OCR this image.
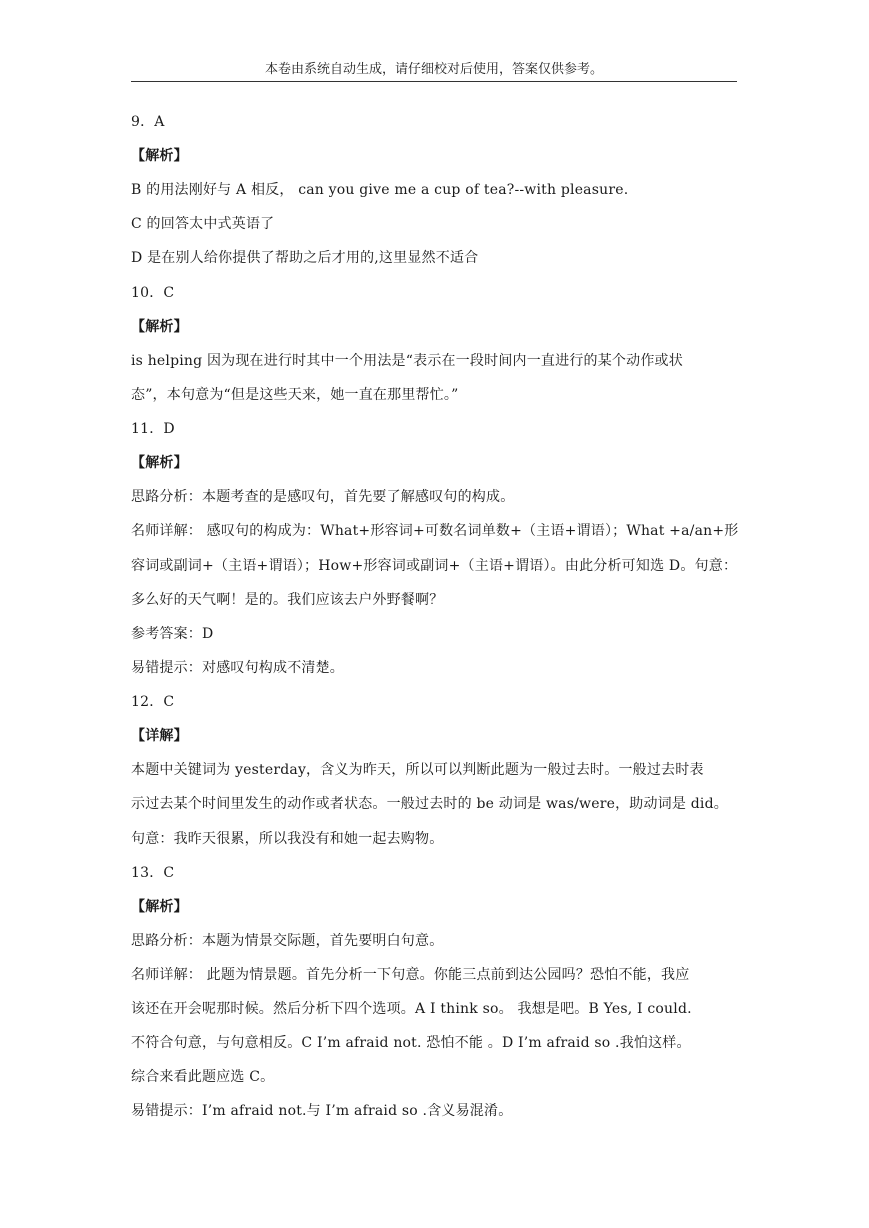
本卷由系统自动生成，请仔细校对后使用，答案仅供参考。
9．A
【解析】
B 的用法刚好与 A 相反， can you give me a cup of tea?--with pleasure.
C 的回答太中式英语了
D 是在别人给你提供了帮助之后才用的,这里显然不适合
10．C
【解析】
is helping 因为现在进行时其中一个用法是“表示在一段时间内一直进行的某个动作或状
态”，本句意为“但是这些天来，她一直在那里帮忙。”
11．D
【解析】
思路分析：本题考查的是感叹句，首先要了解感叹句的构成。
名师详解： 感叹句的构成为：What+形容词+可数名词单数+（主语+谓语）；What +a/an+形
容词或副词+（主语+谓语）；How+形容词或副词+（主语+谓语）。由此分析可知选 D。句意：
多么好的天气啊！是的。我们应该去户外野餐啊？
参考答案：D
易错提示：对感叹句构成不清楚。
12．C
【详解】
本题中关键词为 yesterday，含义为昨天，所以可以判断此题为一般过去时。一般过去时表
示过去某个时间里发生的动作或者状态。一般过去时的 be 动词是 was/were，助动词是 did。
句意：我昨天很累，所以我没有和她一起去购物。
13．C
【解析】
思路分析：本题为情景交际题，首先要明白句意。
名师详解： 此题为情景题。首先分析一下句意。你能三点前到达公园吗？恐怕不能，我应
该还在开会呢那时候。然后分析下四个选项。A I think so。 我想是吧。B Yes, I could.
不符合句意，与句意相反。C I’m afraid not. 恐怕不能 。D I’m afraid so .我怕这样。
综合来看此题应选 C。
易错提示：I’m afraid not.与 I’m afraid so .含义易混淆。
